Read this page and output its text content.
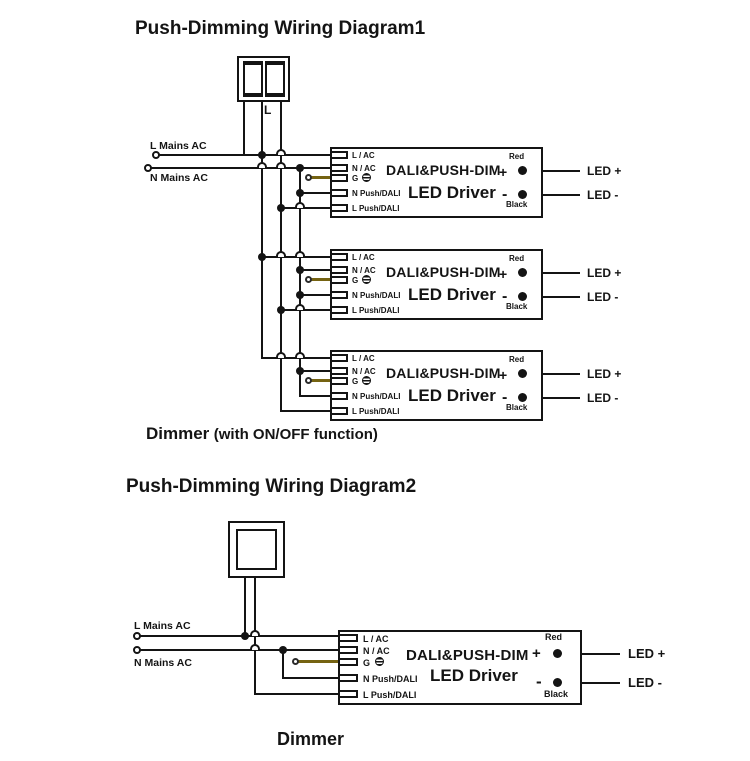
Push-Dimming Wiring Diagram1
L
L Mains AC
N Mains AC
L / AC
N / AC
G
N Push/DALI
L Push/DALI
DALI&PUSH-DIM
LED Driver
Red
+
-
Black
LED +
LED -
L / AC
N / AC
G
N Push/DALI
L Push/DALI
DALI&PUSH-DIM
LED Driver
Red
+
-
Black
LED +
LED -
L / AC
N / AC
G
N Push/DALI
L Push/DALI
DALI&PUSH-DIM
LED Driver
Red
+
-
Black
LED +
LED -
Dimmer (with ON/OFF function)
Push-Dimming Wiring Diagram2
L Mains AC
N Mains AC
L / AC
N / AC
G
N Push/DALI
L Push/DALI
DALI&PUSH-DIM
LED Driver
Red
+
-
Black
LED +
LED -
Dimmer
